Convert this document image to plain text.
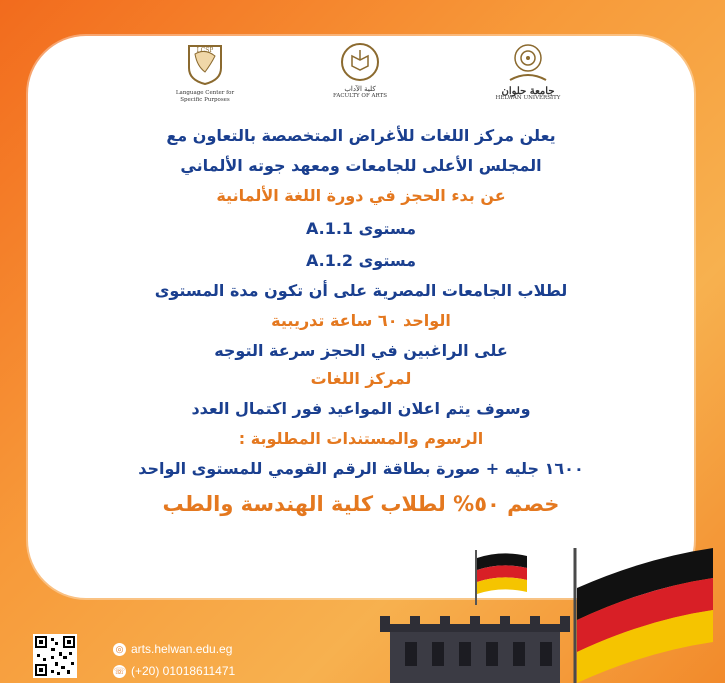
LCSP
Language Center for
Specific Purposes
كلية الآداب
FACULTY OF ARTS	جامعة حلوان
HELWAN UNIVERSITY
يعلن مركز اللغات للأغراض المتخصصة بالتعاون مع
المجلس الأعلى للجامعات ومعهد جوته الألماني
عن بدء الحجز في دورة اللغة الألمانية
مستوى A.1.1
مستوى A.1.2
لطلاب الجامعات المصرية على أن تكون مدة المستوى
الواحد ٦٠ ساعة تدريبية
على الراغبين في الحجز سرعة التوجه
لمركز اللغات
وسوف يتم اعلان المواعيد فور اكتمال العدد
الرسوم والمستندات المطلوبة :
١٦٠٠ جليه + صورة بطاقة الرقم القومي للمستوى الواحد
خصم ٥٠% لطلاب كلية الهندسة والطب
◎ arts.helwan.edu.eg
☏ (+20) 01018611471
